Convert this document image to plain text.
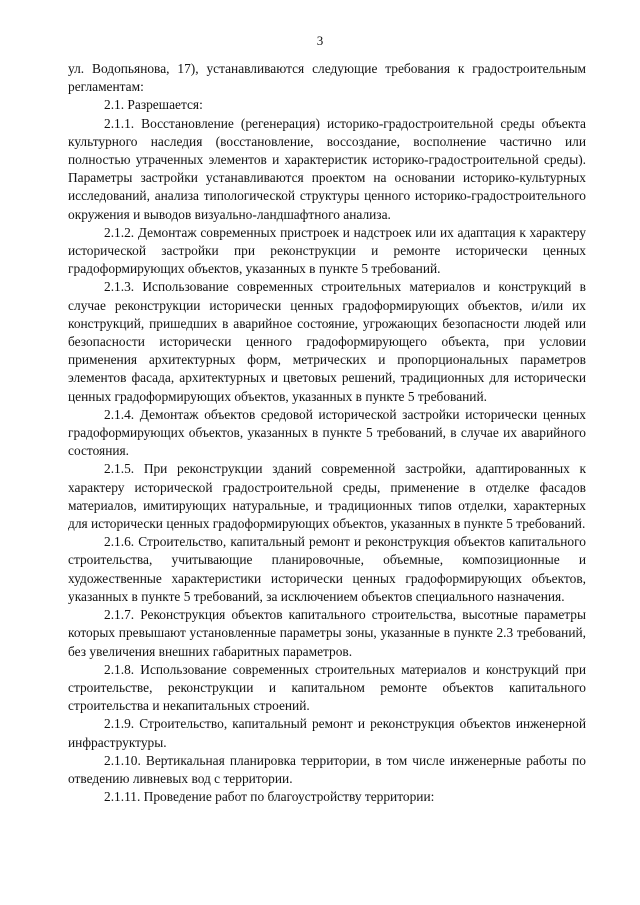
3

ул. Водопьянова, 17), устанавливаются следующие требования к градостроительным регламентам:

2.1. Разрешается:

2.1.1. Восстановление (регенерация) историко-градостроительной среды объекта культурного наследия (восстановление, воссоздание, восполнение частично или полностью утраченных элементов и характеристик историко-градостроительной среды). Параметры застройки устанавливаются проектом на основании историко-культурных исследований, анализа типологической структуры ценного историко-градостроительного окружения и выводов визуально-ландшафтного анализа.

2.1.2. Демонтаж современных пристроек и надстроек или их адаптация к характеру исторической застройки при реконструкции и ремонте исторически ценных градоформирующих объектов, указанных в пункте 5 требований.

2.1.3. Использование современных строительных материалов и конструкций в случае реконструкции исторически ценных градоформирующих объектов, и/или их конструкций, пришедших в аварийное состояние, угрожающих безопасности людей или безопасности исторически ценного градоформирующего объекта, при условии применения архитектурных форм, метрических и пропорциональных параметров элементов фасада, архитектурных и цветовых решений, традиционных для исторически ценных градоформирующих объектов, указанных в пункте 5 требований.

2.1.4. Демонтаж объектов средовой исторической застройки исторически ценных градоформирующих объектов, указанных в пункте 5 требований, в случае их аварийного состояния.

2.1.5. При реконструкции зданий современной застройки, адаптированных к характеру исторической градостроительной среды, применение в отделке фасадов материалов, имитирующих натуральные, и традиционных типов отделки, характерных для исторически ценных градоформирующих объектов, указанных в пункте 5 требований.

2.1.6. Строительство, капитальный ремонт и реконструкция объектов капитального строительства, учитывающие планировочные, объемные, композиционные и художественные характеристики исторически ценных градоформирующих объектов, указанных в пункте 5 требований, за исключением объектов специального назначения.

2.1.7. Реконструкция объектов капитального строительства, высотные параметры которых превышают установленные параметры зоны, указанные в пункте 2.3 требований, без увеличения внешних габаритных параметров.

2.1.8. Использование современных строительных материалов и конструкций при строительстве, реконструкции и капитальном ремонте объектов капитального строительства и некапитальных строений.

2.1.9. Строительство, капитальный ремонт и реконструкция объектов инженерной инфраструктуры.

2.1.10. Вертикальная планировка территории, в том числе инженерные работы по отведению ливневых вод с территории.

2.1.11. Проведение работ по благоустройству территории:
